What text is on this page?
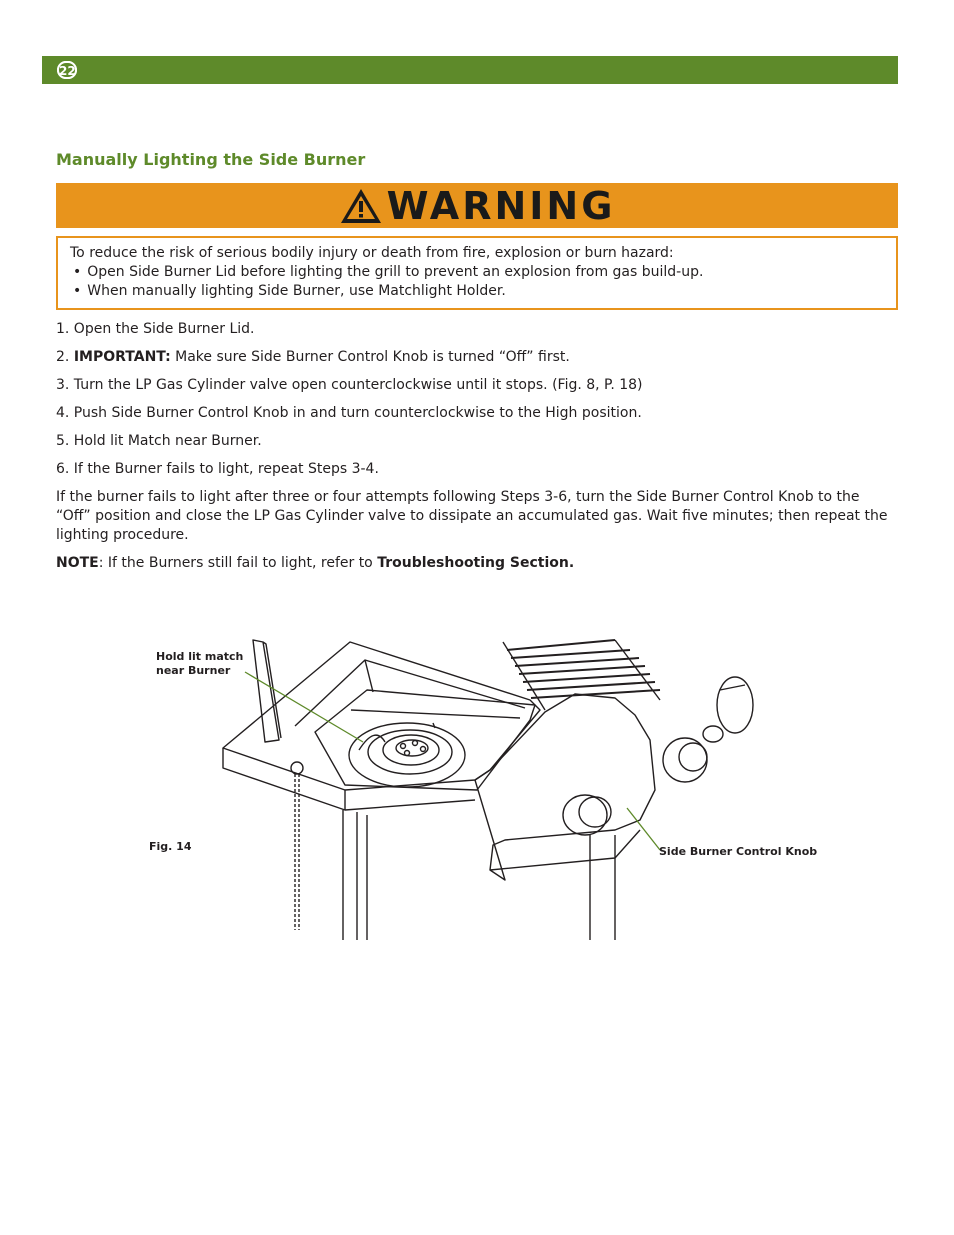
22
Manually Lighting the Side Burner
WARNING
To reduce the risk of serious bodily injury or death from fire, explosion or burn hazard:
• Open Side Burner Lid before lighting the grill to prevent an explosion from gas build-up.
• When manually lighting Side Burner, use Matchlight Holder.

1. Open the Side Burner Lid.

2. IMPORTANT: Make sure Side Burner Control Knob is turned “Off” first.

3. Turn the LP Gas Cylinder valve open counterclockwise until it stops. (Fig. 8, P. 18)

4. Push Side Burner Control Knob in and turn counterclockwise to the High position.

5. Hold lit Match near Burner.

6. If the Burner fails to light, repeat Steps 3-4.

If the burner fails to light after three or four attempts following Steps 3-6, turn the Side Burner Control Knob to the “Off” position and close the LP Gas Cylinder valve to dissipate an accumulated gas. Wait five minutes; then repeat the lighting procedure.

NOTE: If the Burners still fail to light, refer to Troubleshooting Section.

Hold lit match
near Burner
Fig. 14	Side Burner Control Knob
